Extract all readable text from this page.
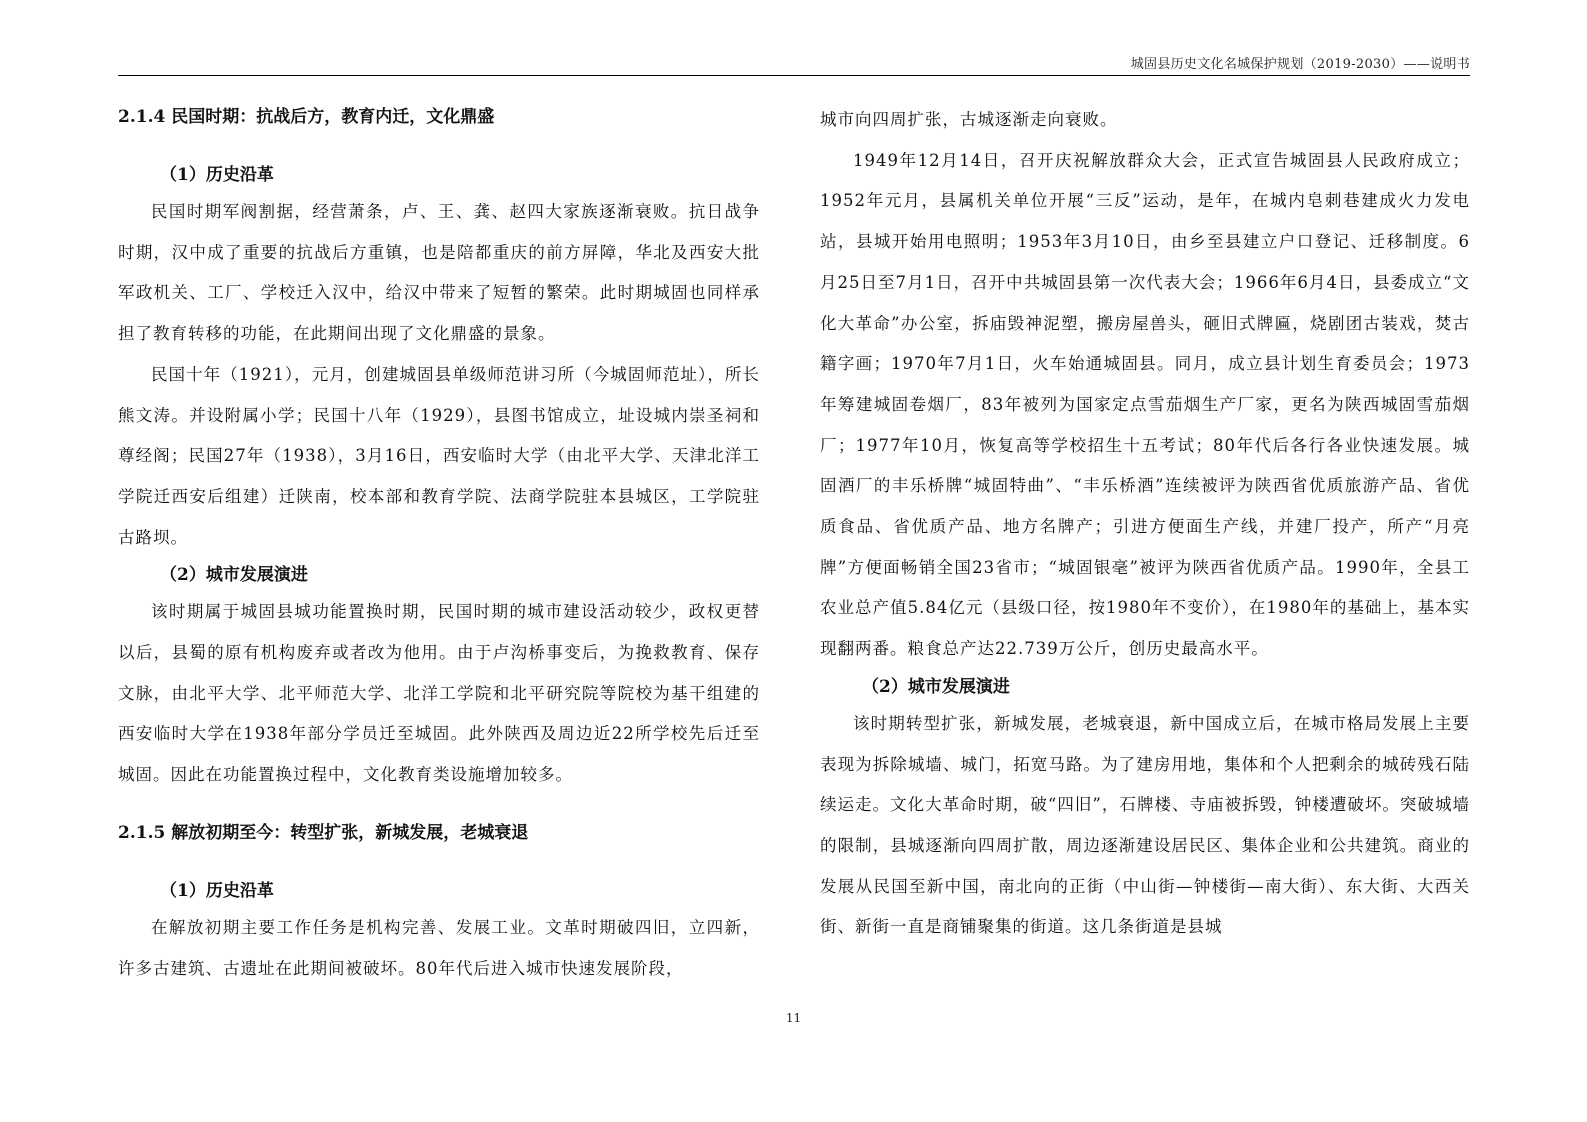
城固县历史文化名城保护规划（2019-2030）——说明书
2.1.4 民国时期：抗战后方，教育内迁，文化鼎盛
（1）历史沿革

民国时期军阀割据，经营萧条，卢、王、龚、赵四大家族逐渐衰败。抗日战争时期，汉中成了重要的抗战后方重镇，也是陪都重庆的前方屏障，华北及西安大批军政机关、工厂、学校迁入汉中，给汉中带来了短暂的繁荣。此时期城固也同样承担了教育转移的功能，在此期间出现了文化鼎盛的景象。

民国十年（1921），元月，创建城固县单级师范讲习所（今城固师范址），所长熊文涛。并设附属小学；民国十八年（1929），县图书馆成立，址设城内崇圣祠和尊经阁；民国27年（1938），3月16日，西安临时大学（由北平大学、天津北洋工学院迁西安后组建）迁陕南，校本部和教育学院、法商学院驻本县城区，工学院驻古路坝。

（2）城市发展演进

该时期属于城固县城功能置换时期，民国时期的城市建设活动较少，政权更替以后，县蜀的原有机构废弃或者改为他用。由于卢沟桥事变后，为挽救教育、保存文脉，由北平大学、北平师范大学、北洋工学院和北平研究院等院校为基干组建的西安临时大学在1938年部分学员迁至城固。此外陕西及周边近22所学校先后迁至城固。因此在功能置换过程中，文化教育类设施增加较多。

2.1.5 解放初期至今：转型扩张，新城发展，老城衰退
（1）历史沿革

在解放初期主要工作任务是机构完善、发展工业。文革时期破四旧，立四新，许多古建筑、古遗址在此期间被破坏。80年代后进入城市快速发展阶段，

城市向四周扩张，古城逐渐走向衰败。

1949年12月14日，召开庆祝解放群众大会，正式宣告城固县人民政府成立；1952年元月，县属机关单位开展“三反”运动，是年，在城内皂刺巷建成火力发电站，县城开始用电照明；1953年3月10日，由乡至县建立户口登记、迁移制度。6月25日至7月1日，召开中共城固县第一次代表大会；1966年6月4日，县委成立“文化大革命”办公室，拆庙毁神泥塑，搬房屋兽头，砸旧式牌匾，烧剧团古装戏，焚古籍字画；1970年7月1日，火车始通城固县。同月，成立县计划生育委员会；1973年筹建城固卷烟厂，83年被列为国家定点雪茄烟生产厂家，更名为陕西城固雪茄烟厂；1977年10月，恢复高等学校招生十五考试；80年代后各行各业快速发展。城固酒厂的丰乐桥牌“城固特曲”、“丰乐桥酒”连续被评为陕西省优质旅游产品、省优质食品、省优质产品、地方名牌产；引进方便面生产线，并建厂投产，所产“月亮牌”方便面畅销全国23省市；“城固银毫”被评为陕西省优质产品。1990年，全县工农业总产值5.84亿元（县级口径，按1980年不变价），在1980年的基础上，基本实现翻两番。粮食总产达22.739万公斤，创历史最高水平。

（2）城市发展演进

该时期转型扩张，新城发展，老城衰退，新中国成立后，在城市格局发展上主要表现为拆除城墙、城门，拓宽马路。为了建房用地，集体和个人把剩余的城砖残石陆续运走。文化大革命时期，破“四旧”，石牌楼、寺庙被拆毁，钟楼遭破坏。突破城墙的限制，县城逐渐向四周扩散，周边逐渐建设居民区、集体企业和公共建筑。商业的发展从民国至新中国，南北向的正街（中山街—钟楼街—南大街）、东大街、大西关街、新街一直是商铺聚集的街道。这几条街道是县城

11
